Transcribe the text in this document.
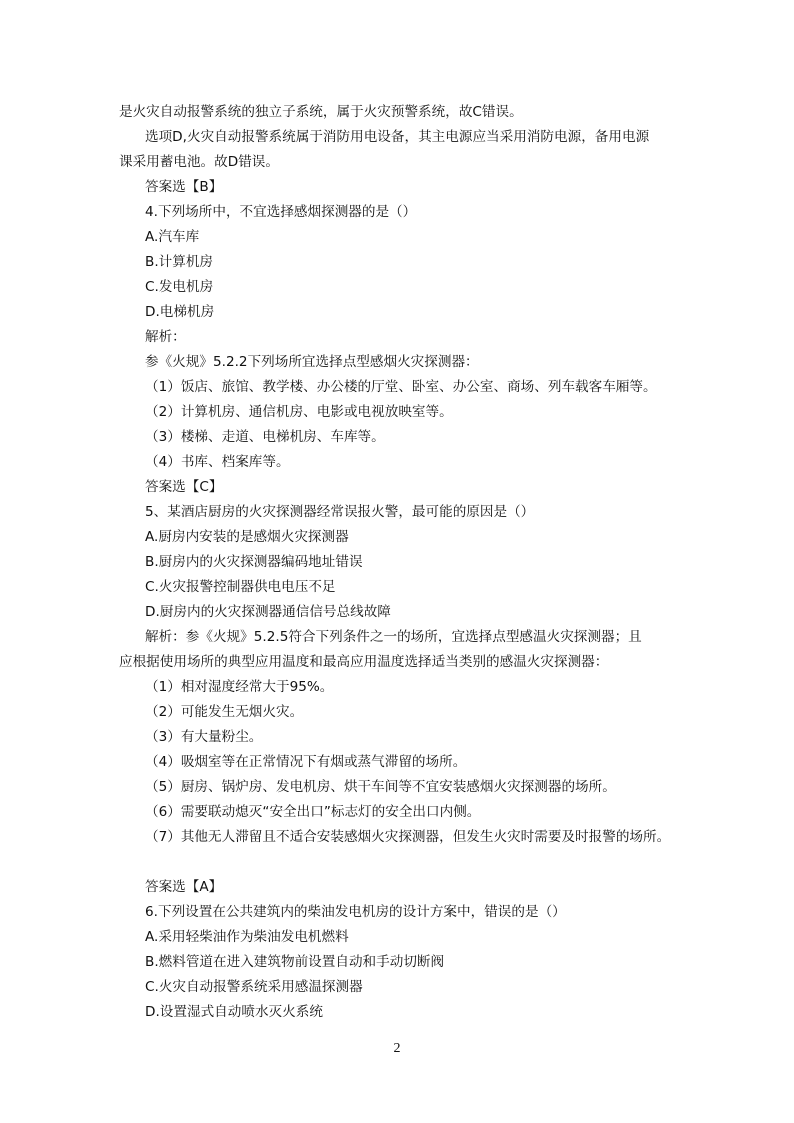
是火灾自动报警系统的独立子系统，属于火灾预警系统，故C错误。
选项D,火灾自动报警系统属于消防用电设备，其主电源应当采用消防电源，备用电源
课采用蓄电池。故D错误。
答案选【B】
4.下列场所中，不宜选择感烟探测器的是（）
A.汽车库
B.计算机房
C.发电机房
D.电梯机房
解析：
参《火规》5.2.2下列场所宜选择点型感烟火灾探测器：
（1）饭店、旅馆、教学楼、办公楼的厅堂、卧室、办公室、商场、列车载客车厢等。
（2）计算机房、通信机房、电影或电视放映室等。
（3）楼梯、走道、电梯机房、车库等。
（4）书库、档案库等。
答案选【C】
5、某酒店厨房的火灾探测器经常误报火警，最可能的原因是（）
A.厨房内安装的是感烟火灾探测器
B.厨房内的火灾探测器编码地址错误
C.火灾报警控制器供电电压不足
D.厨房内的火灾探测器通信信号总线故障
解析：参《火规》5.2.5符合下列条件之一的场所，宜选择点型感温火灾探测器；且
应根据使用场所的典型应用温度和最高应用温度选择适当类别的感温火灾探测器：
（1）相对湿度经常大于95%。
（2）可能发生无烟火灾。
（3）有大量粉尘。
（4）吸烟室等在正常情况下有烟或蒸气滞留的场所。
（5）厨房、锅炉房、发电机房、烘干车间等不宜安装感烟火灾探测器的场所。
（6）需要联动熄灭“安全出口”标志灯的安全出口内侧。
（7）其他无人滞留且不适合安装感烟火灾探测器，但发生火灾时需要及时报警的场所。
答案选【A】
6.下列设置在公共建筑内的柴油发电机房的设计方案中，错误的是（）
A.采用轻柴油作为柴油发电机燃料
B.燃料管道在进入建筑物前设置自动和手动切断阀
C.火灾自动报警系统采用感温探测器
D.设置湿式自动喷水灭火系统
2
